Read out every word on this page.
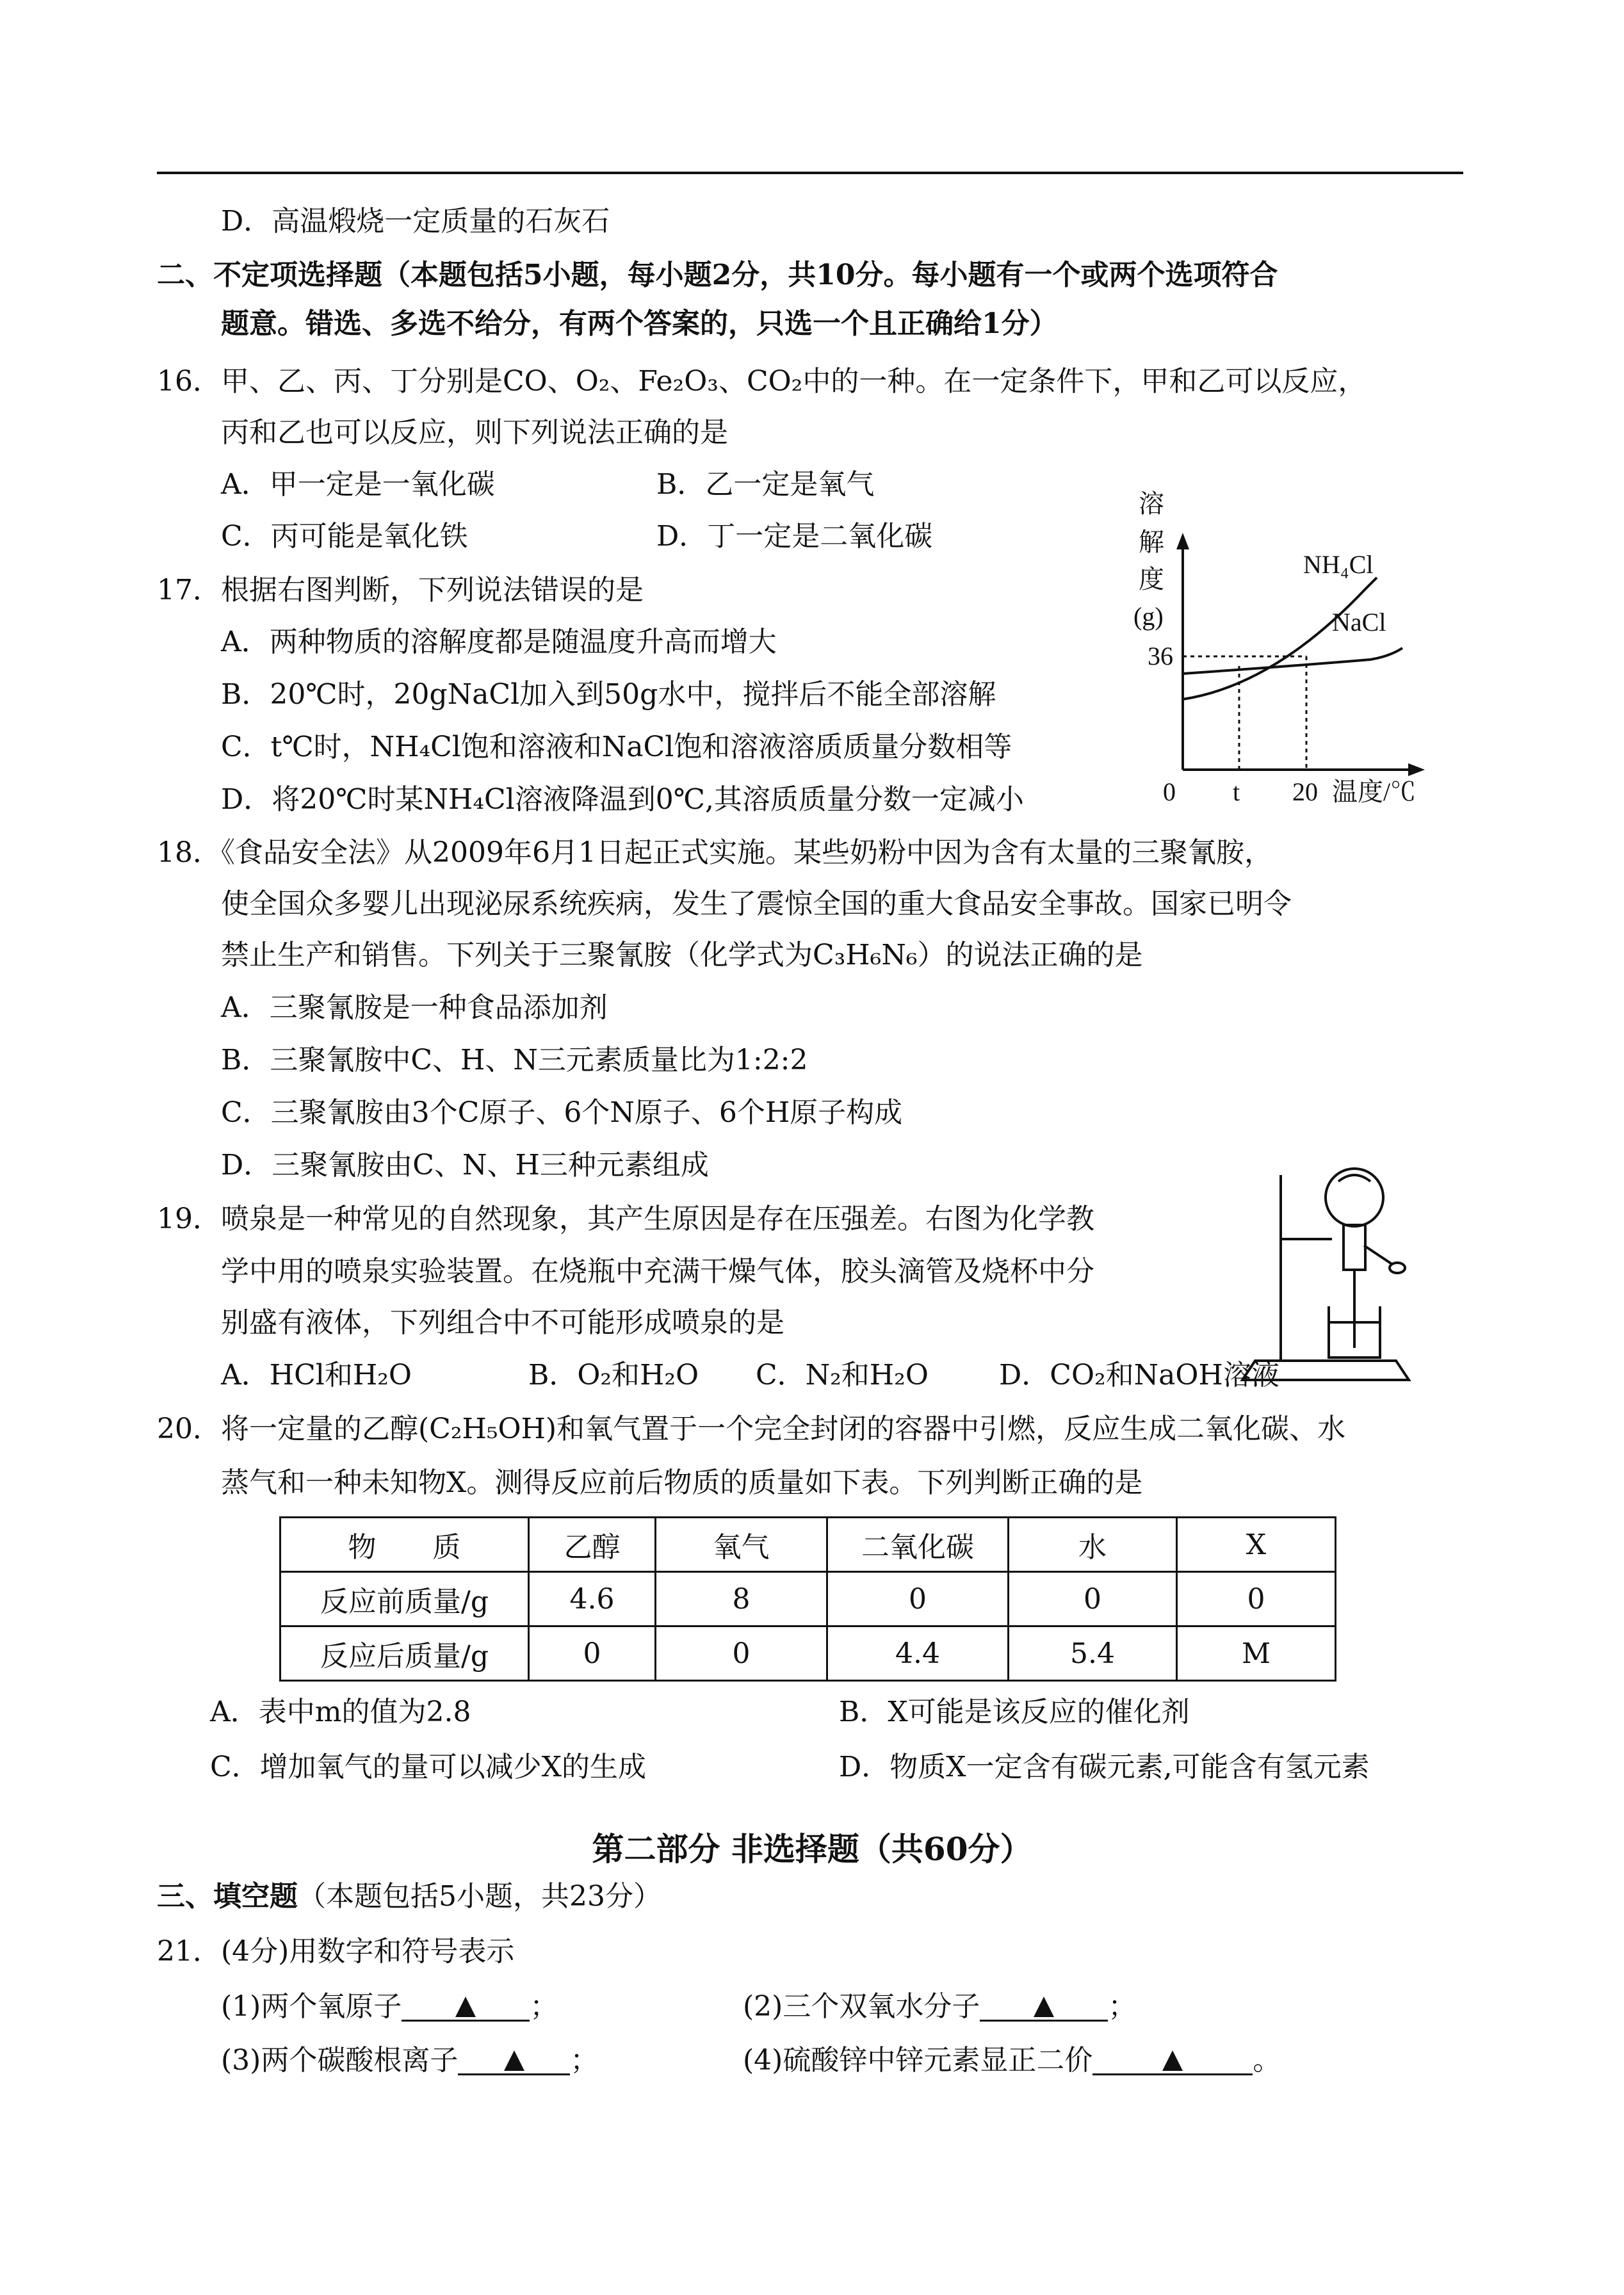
D．高温煅烧一定质量的石灰石
二、不定项选择题（本题包括5小题，每小题2分，共10分。每小题有一个或两个选项符合
题意。错选、多选不给分，有两个答案的，只选一个且正确给1分）
16．甲、乙、丙、丁分别是CO、O₂、Fe₂O₃、CO₂中的一种。在一定条件下，甲和乙可以反应，
丙和乙也可以反应，则下列说法正确的是
A．甲一定是一氧化碳	B．乙一定是氧气
C．丙可能是氧化铁	D．丁一定是二氧化碳
17．根据右图判断，下列说法错误的是
A．两种物质的溶解度都是随温度升高而增大
B．20℃时，20gNaCl加入到50g水中，搅拌后不能全部溶解
C．t℃时，NH₄Cl饱和溶液和NaCl饱和溶液溶质质量分数相等
D．将20℃时某NH₄Cl溶液降温到0℃,其溶质质量分数一定减小
溶
解
度
(g)
36
0 t 20 温度/℃
NH₄Cl
NaCl
18．《食品安全法》从2009年6月1日起正式实施。某些奶粉中因为含有太量的三聚氰胺，
使全国众多婴儿出现泌尿系统疾病，发生了震惊全国的重大食品安全事故。国家已明令
禁止生产和销售。下列关于三聚氰胺（化学式为C₃H₆N₆）的说法正确的是
A．三聚氰胺是一种食品添加剂
B．三聚氰胺中C、H、N三元素质量比为1:2:2
C．三聚氰胺由3个C原子、6个N原子、6个H原子构成
D．三聚氰胺由C、N、H三种元素组成
19．喷泉是一种常见的自然现象，其产生原因是存在压强差。右图为化学教
学中用的喷泉实验装置。在烧瓶中充满干燥气体，胶头滴管及烧杯中分
别盛有液体，下列组合中不可能形成喷泉的是
A．HCl和H₂O	B．O₂和H₂O C．N₂和H₂O	D．CO₂和NaOH溶液
20．将一定量的乙醇(C₂H₅OH)和氧气置于一个完全封闭的容器中引燃，反应生成二氧化碳、水
蒸气和一种未知物X。测得反应前后物质的质量如下表。下列判断正确的是
物　　质	乙醇	氧气	二氧化碳	水	X
反应前质量/g	4.6	8	0	0	0
反应后质量/g	0	0	4.4	5.4	M
A．表中m的值为2.8	B．X可能是该反应的催化剂
C．增加氧气的量可以减少X的生成	D．物质X一定含有碳元素,可能含有氢元素
第二部分 非选择题（共60分）
三、填空题（本题包括5小题，共23分）
21．(4分)用数字和符号表示
(1)两个氧原子	；	(2)三个双氧水分子	；
(3)两个碳酸根离子	；	(4)硫酸锌中锌元素显正二价	。
